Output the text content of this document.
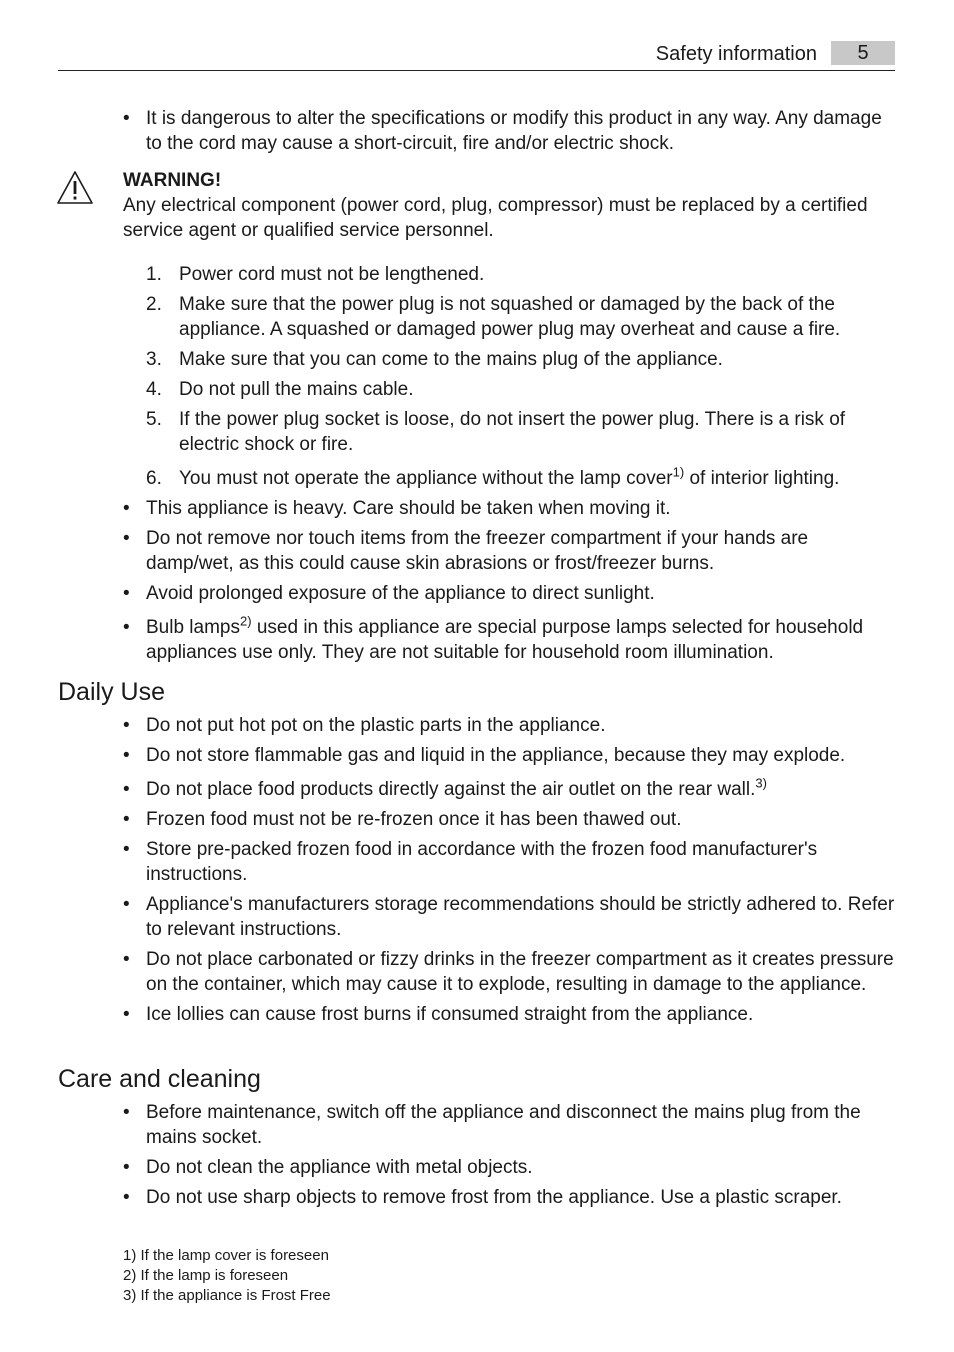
Safety information	5
• It is dangerous to alter the specifications or modify this product in any way. Any damage to the cord may cause a short-circuit, fire and/or electric shock.
WARNING!
Any electrical component (power cord, plug, compressor) must be replaced by a certified service agent or qualified service personnel.
1. Power cord must not be lengthened.
2. Make sure that the power plug is not squashed or damaged by the back of the appliance. A squashed or damaged power plug may overheat and cause a fire.
3. Make sure that you can come to the mains plug of the appliance.
4. Do not pull the mains cable.
5. If the power plug socket is loose, do not insert the power plug. There is a risk of electric shock or fire.
6. You must not operate the appliance without the lamp cover$^{1)}$ of interior lighting.
• This appliance is heavy. Care should be taken when moving it.
• Do not remove nor touch items from the freezer compartment if your hands are damp/wet, as this could cause skin abrasions or frost/freezer burns.
• Avoid prolonged exposure of the appliance to direct sunlight.
• Bulb lamps$^{2)}$ used in this appliance are special purpose lamps selected for household appliances use only. They are not suitable for household room illumination.
Daily Use
• Do not put hot pot on the plastic parts in the appliance.
• Do not store flammable gas and liquid in the appliance, because they may explode.
• Do not place food products directly against the air outlet on the rear wall.$^{3)}$
• Frozen food must not be re-frozen once it has been thawed out.
• Store pre-packed frozen food in accordance with the frozen food manufacturer's instructions.
• Appliance's manufacturers storage recommendations should be strictly adhered to. Refer to relevant instructions.
• Do not place carbonated or fizzy drinks in the freezer compartment as it creates pressure on the container, which may cause it to explode, resulting in damage to the appliance.
• Ice lollies can cause frost burns if consumed straight from the appliance.
Care and cleaning
• Before maintenance, switch off the appliance and disconnect the mains plug from the mains socket.
• Do not clean the appliance with metal objects.
• Do not use sharp objects to remove frost from the appliance. Use a plastic scraper.
1) If the lamp cover is foreseen
2) If the lamp is foreseen
3) If the appliance is Frost Free
